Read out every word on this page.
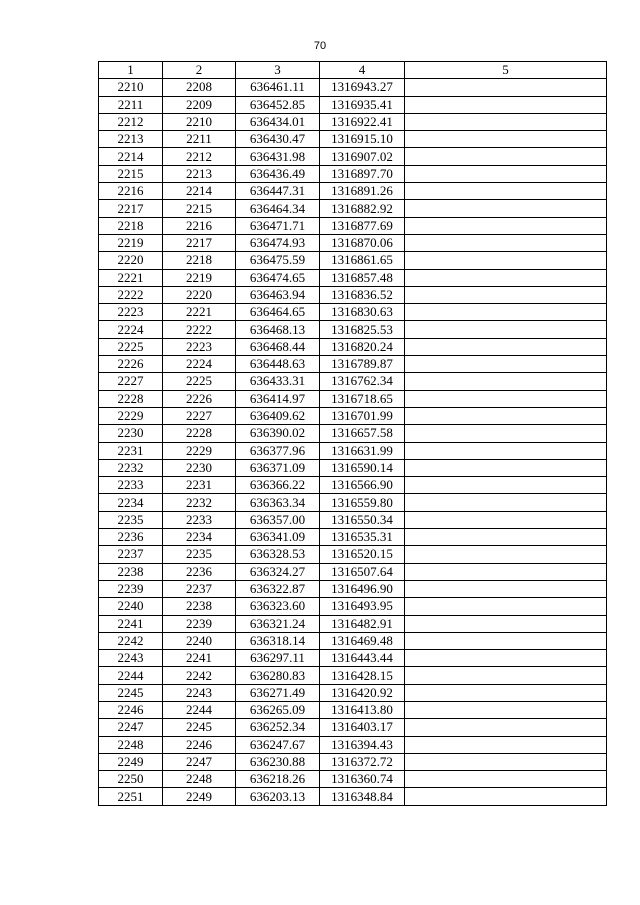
70
1	2	3	4	5
2210	2208	636461.11	1316943.27	
2211	2209	636452.85	1316935.41	
2212	2210	636434.01	1316922.41	
2213	2211	636430.47	1316915.10	
2214	2212	636431.98	1316907.02	
2215	2213	636436.49	1316897.70	
2216	2214	636447.31	1316891.26	
2217	2215	636464.34	1316882.92	
2218	2216	636471.71	1316877.69	
2219	2217	636474.93	1316870.06	
2220	2218	636475.59	1316861.65	
2221	2219	636474.65	1316857.48	
2222	2220	636463.94	1316836.52	
2223	2221	636464.65	1316830.63	
2224	2222	636468.13	1316825.53	
2225	2223	636468.44	1316820.24	
2226	2224	636448.63	1316789.87	
2227	2225	636433.31	1316762.34	
2228	2226	636414.97	1316718.65	
2229	2227	636409.62	1316701.99	
2230	2228	636390.02	1316657.58	
2231	2229	636377.96	1316631.99	
2232	2230	636371.09	1316590.14	
2233	2231	636366.22	1316566.90	
2234	2232	636363.34	1316559.80	
2235	2233	636357.00	1316550.34	
2236	2234	636341.09	1316535.31	
2237	2235	636328.53	1316520.15	
2238	2236	636324.27	1316507.64	
2239	2237	636322.87	1316496.90	
2240	2238	636323.60	1316493.95	
2241	2239	636321.24	1316482.91	
2242	2240	636318.14	1316469.48	
2243	2241	636297.11	1316443.44	
2244	2242	636280.83	1316428.15	
2245	2243	636271.49	1316420.92	
2246	2244	636265.09	1316413.80	
2247	2245	636252.34	1316403.17	
2248	2246	636247.67	1316394.43	
2249	2247	636230.88	1316372.72	
2250	2248	636218.26	1316360.74	
2251	2249	636203.13	1316348.84	
